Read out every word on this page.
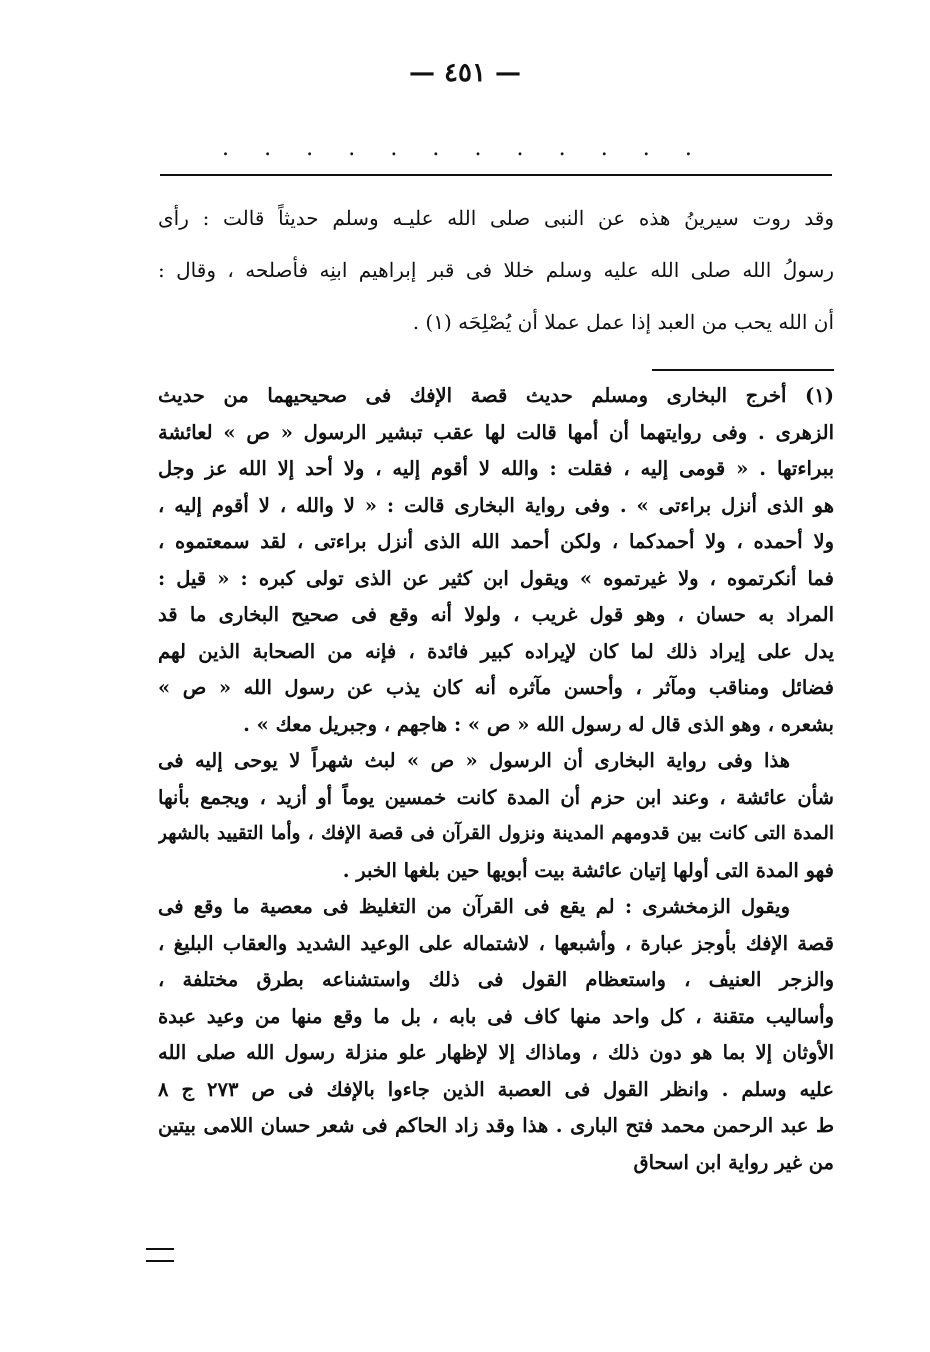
— ٤٥١ —
. . . . . . . . . . . .
وقد روت سيرينُ هذه عن النبى صلى الله عليـه وسلم حديثاً قالت : رأى
رسولُ الله صلى الله عليه وسلم خللا فى قبر إبراهيم ابنِه فأصلحه ، وقال :
أن الله يحب من العبد إذا عمل عملا أن يُصْلِحَه (١) .
(١) أخرج البخارى ومسلم حديث قصة الإفك فى صحيحيهما من حديث
الزهرى . وفى روايتهما أن أمها قالت لها عقب تبشير الرسول « ص » لعائشة
ببراءتها . « قومى إليه ، فقلت : والله لا أقوم إليه ، ولا أحد إلا الله عز وجل
هو الذى أنزل براءتى » . وفى رواية البخارى قالت : « لا والله ، لا أقوم إليه ،
ولا أحمده ، ولا أحمدكما ، ولكن أحمد الله الذى أنزل براءتى ، لقد سمعتموه ،
فما أنكرتموه ، ولا غيرتموه » ويقول ابن كثير عن الذى تولى كبره : « قيل :
المراد به حسان ، وهو قول غريب ، ولولا أنه وقع فى صحيح البخارى ما قد
يدل على إيراد ذلك لما كان لإيراده كبير فائدة ، فإنه من الصحابة الذين لهم
فضائل ومناقب ومآثر ، وأحسن مآثره أنه كان يذب عن رسول الله « ص »
بشعره ، وهو الذى قال له رسول الله « ص » : هاجهم ، وجبريل معك » .
هذا وفى رواية البخارى أن الرسول « ص » لبث شهراً لا يوحى إليه فى
شأن عائشة ، وعند ابن حزم أن المدة كانت خمسين يوماً أو أزيد ، ويجمع بأنها
المدة التى كانت بين قدومهم المدينة ونزول القرآن فى قصة الإفك ، وأما التقييد بالشهر
فهو المدة التى أولها إتيان عائشة بيت أبويها حين بلغها الخبر .
ويقول الزمخشرى : لم يقع فى القرآن من التغليظ فى معصية ما وقع فى
قصة الإفك بأوجز عبارة ، وأشبعها ، لاشتماله على الوعيد الشديد والعقاب البليغ ،
والزجر العنيف ، واستعظام القول فى ذلك واستشناعه بطرق مختلفة ،
وأساليب متقنة ، كل واحد منها كاف فى بابه ، بل ما وقع منها من وعيد عبدة
الأوثان إلا بما هو دون ذلك ، وماذاك إلا لإظهار علو منزلة رسول الله صلى الله
عليه وسلم . وانظر القول فى العصبة الذين جاءوا بالإفك فى ص ٢٧٣ ج ٨
ط عبد الرحمن محمد فتح البارى . هذا وقد زاد الحاكم فى شعر حسان اللامى بيتين
من غير رواية ابن اسحاق
